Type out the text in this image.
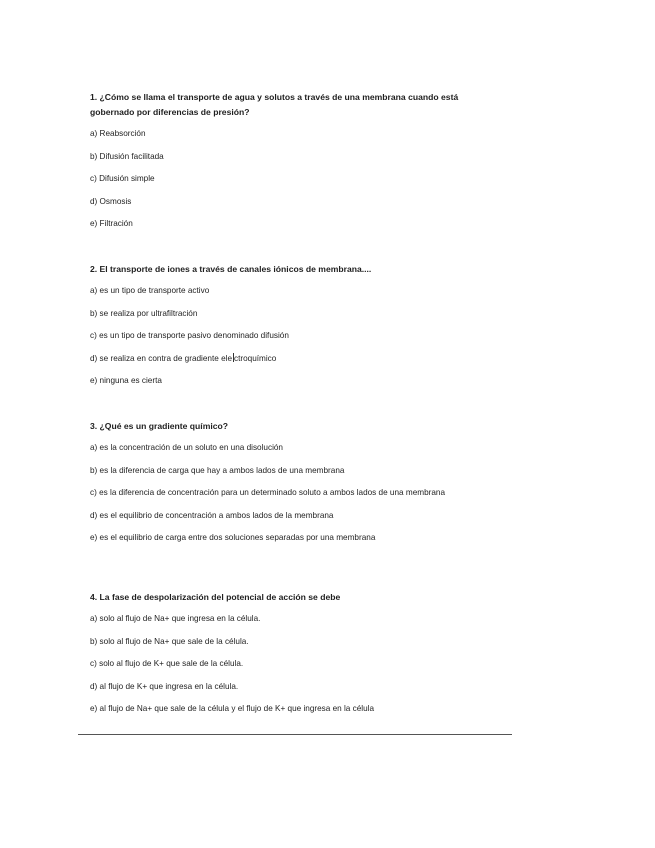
1. ¿Cómo se llama el transporte de agua y solutos a través de una membrana cuando está gobernado por diferencias de presión?

a) Reabsorción

b) Difusión facilitada

c) Difusión simple

d) Osmosis

e) Filtración

2. El transporte de iones a través de canales iónicos de membrana....

a) es un tipo de transporte activo

b) se realiza por ultrafiltración

c) es un tipo de transporte pasivo denominado difusión

d) se realiza en contra de gradiente ele ctroquímico

e) ninguna es cierta

3. ¿Qué es un gradiente químico?

a) es la concentración de un soluto en una disolución

b) es la diferencia de carga que hay a ambos lados de una membrana

c) es la diferencia de concentración para un determinado soluto a ambos lados de una membrana

d) es el equilibrio de concentración a ambos lados de la membrana

e) es el equilibrio de carga entre dos soluciones separadas por una membrana

4. La fase de despolarización del potencial de acción se debe

a) solo al flujo de Na+ que ingresa en la célula.

b) solo al flujo de Na+ que sale de la célula.

c) solo al flujo de K+ que sale de la célula.

d) al flujo de K+ que ingresa en la célula.

e) al flujo de Na+ que sale de la célula y el flujo de K+ que ingresa en la célula
